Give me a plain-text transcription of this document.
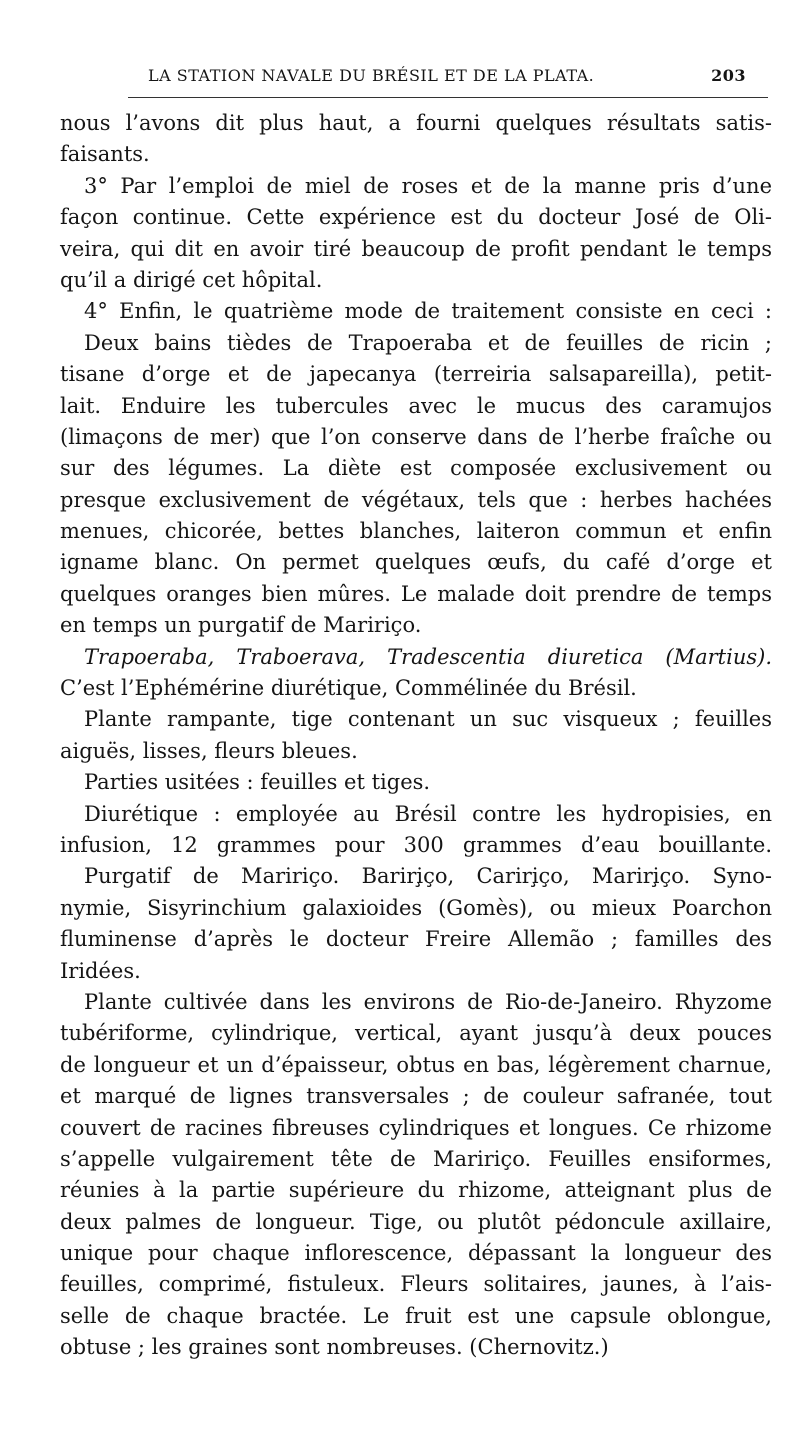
LA STATION NAVALE DU BRÉSIL ET DE LA PLATA.	203
nous l’avons dit plus haut, a fourni quelques résultats satis-
faisants.
3° Par l’emploi de miel de roses et de la manne pris d’une
façon continue. Cette expérience est du docteur José de Oli-
veira, qui dit en avoir tiré beaucoup de profit pendant le temps
qu’il a dirigé cet hôpital.
4° Enfin, le quatrième mode de traitement consiste en ceci :
Deux bains tièdes de Trapoeraba et de feuilles de ricin ;
tisane d’orge et de japecanya (terreiria salsapareilla), petit-
lait. Enduire les tubercules avec le mucus des caramujos
(limaçons de mer) que l’on conserve dans de l’herbe fraîche ou
sur des légumes. La diète est composée exclusivement ou
presque exclusivement de végétaux, tels que : herbes hachées
menues, chicorée, bettes blanches, laiteron commun et enfin
igname blanc. On permet quelques œufs, du café d’orge et
quelques oranges bien mûres. Le malade doit prendre de temps
en temps un purgatif de Maririço.
Trapoeraba, Traboerava, Tradescentia diuretica (Martius).
C’est l’Ephémérine diurétique, Commélinée du Brésil.
Plante rampante, tige contenant un suc visqueux ; feuilles
aiguës, lisses, fleurs bleues.
Parties usitées : feuilles et tiges.
Diurétique : employée au Brésil contre les hydropisies, en
infusion, 12 grammes pour 300 grammes d’eau bouillante.
Purgatif de Maririço. Bariri̧ço, Cariri̧ço, Mariri̧ço. Syno-
nymie, Sisyrinchium galaxioides (Gomès), ou mieux Poarchon
fluminense d’après le docteur Freire Allemão ; familles des
Iridées.
Plante cultivée dans les environs de Rio-de-Janeiro. Rhyzome
tubériforme, cylindrique, vertical, ayant jusqu’à deux pouces
de longueur et un d’épaisseur, obtus en bas, légèrement charnue,
et marqué de lignes transversales ; de couleur safranée, tout
couvert de racines fibreuses cylindriques et longues. Ce rhizome
s’appelle vulgairement tête de Maririço. Feuilles ensiformes,
réunies à la partie supérieure du rhizome, atteignant plus de
deux palmes de longueur. Tige, ou plutôt pédoncule axillaire,
unique pour chaque inflorescence, dépassant la longueur des
feuilles, comprimé, fistuleux. Fleurs solitaires, jaunes, à l’ais-
selle de chaque bractée. Le fruit est une capsule oblongue,
obtuse ; les graines sont nombreuses. (Chernovitz.)
